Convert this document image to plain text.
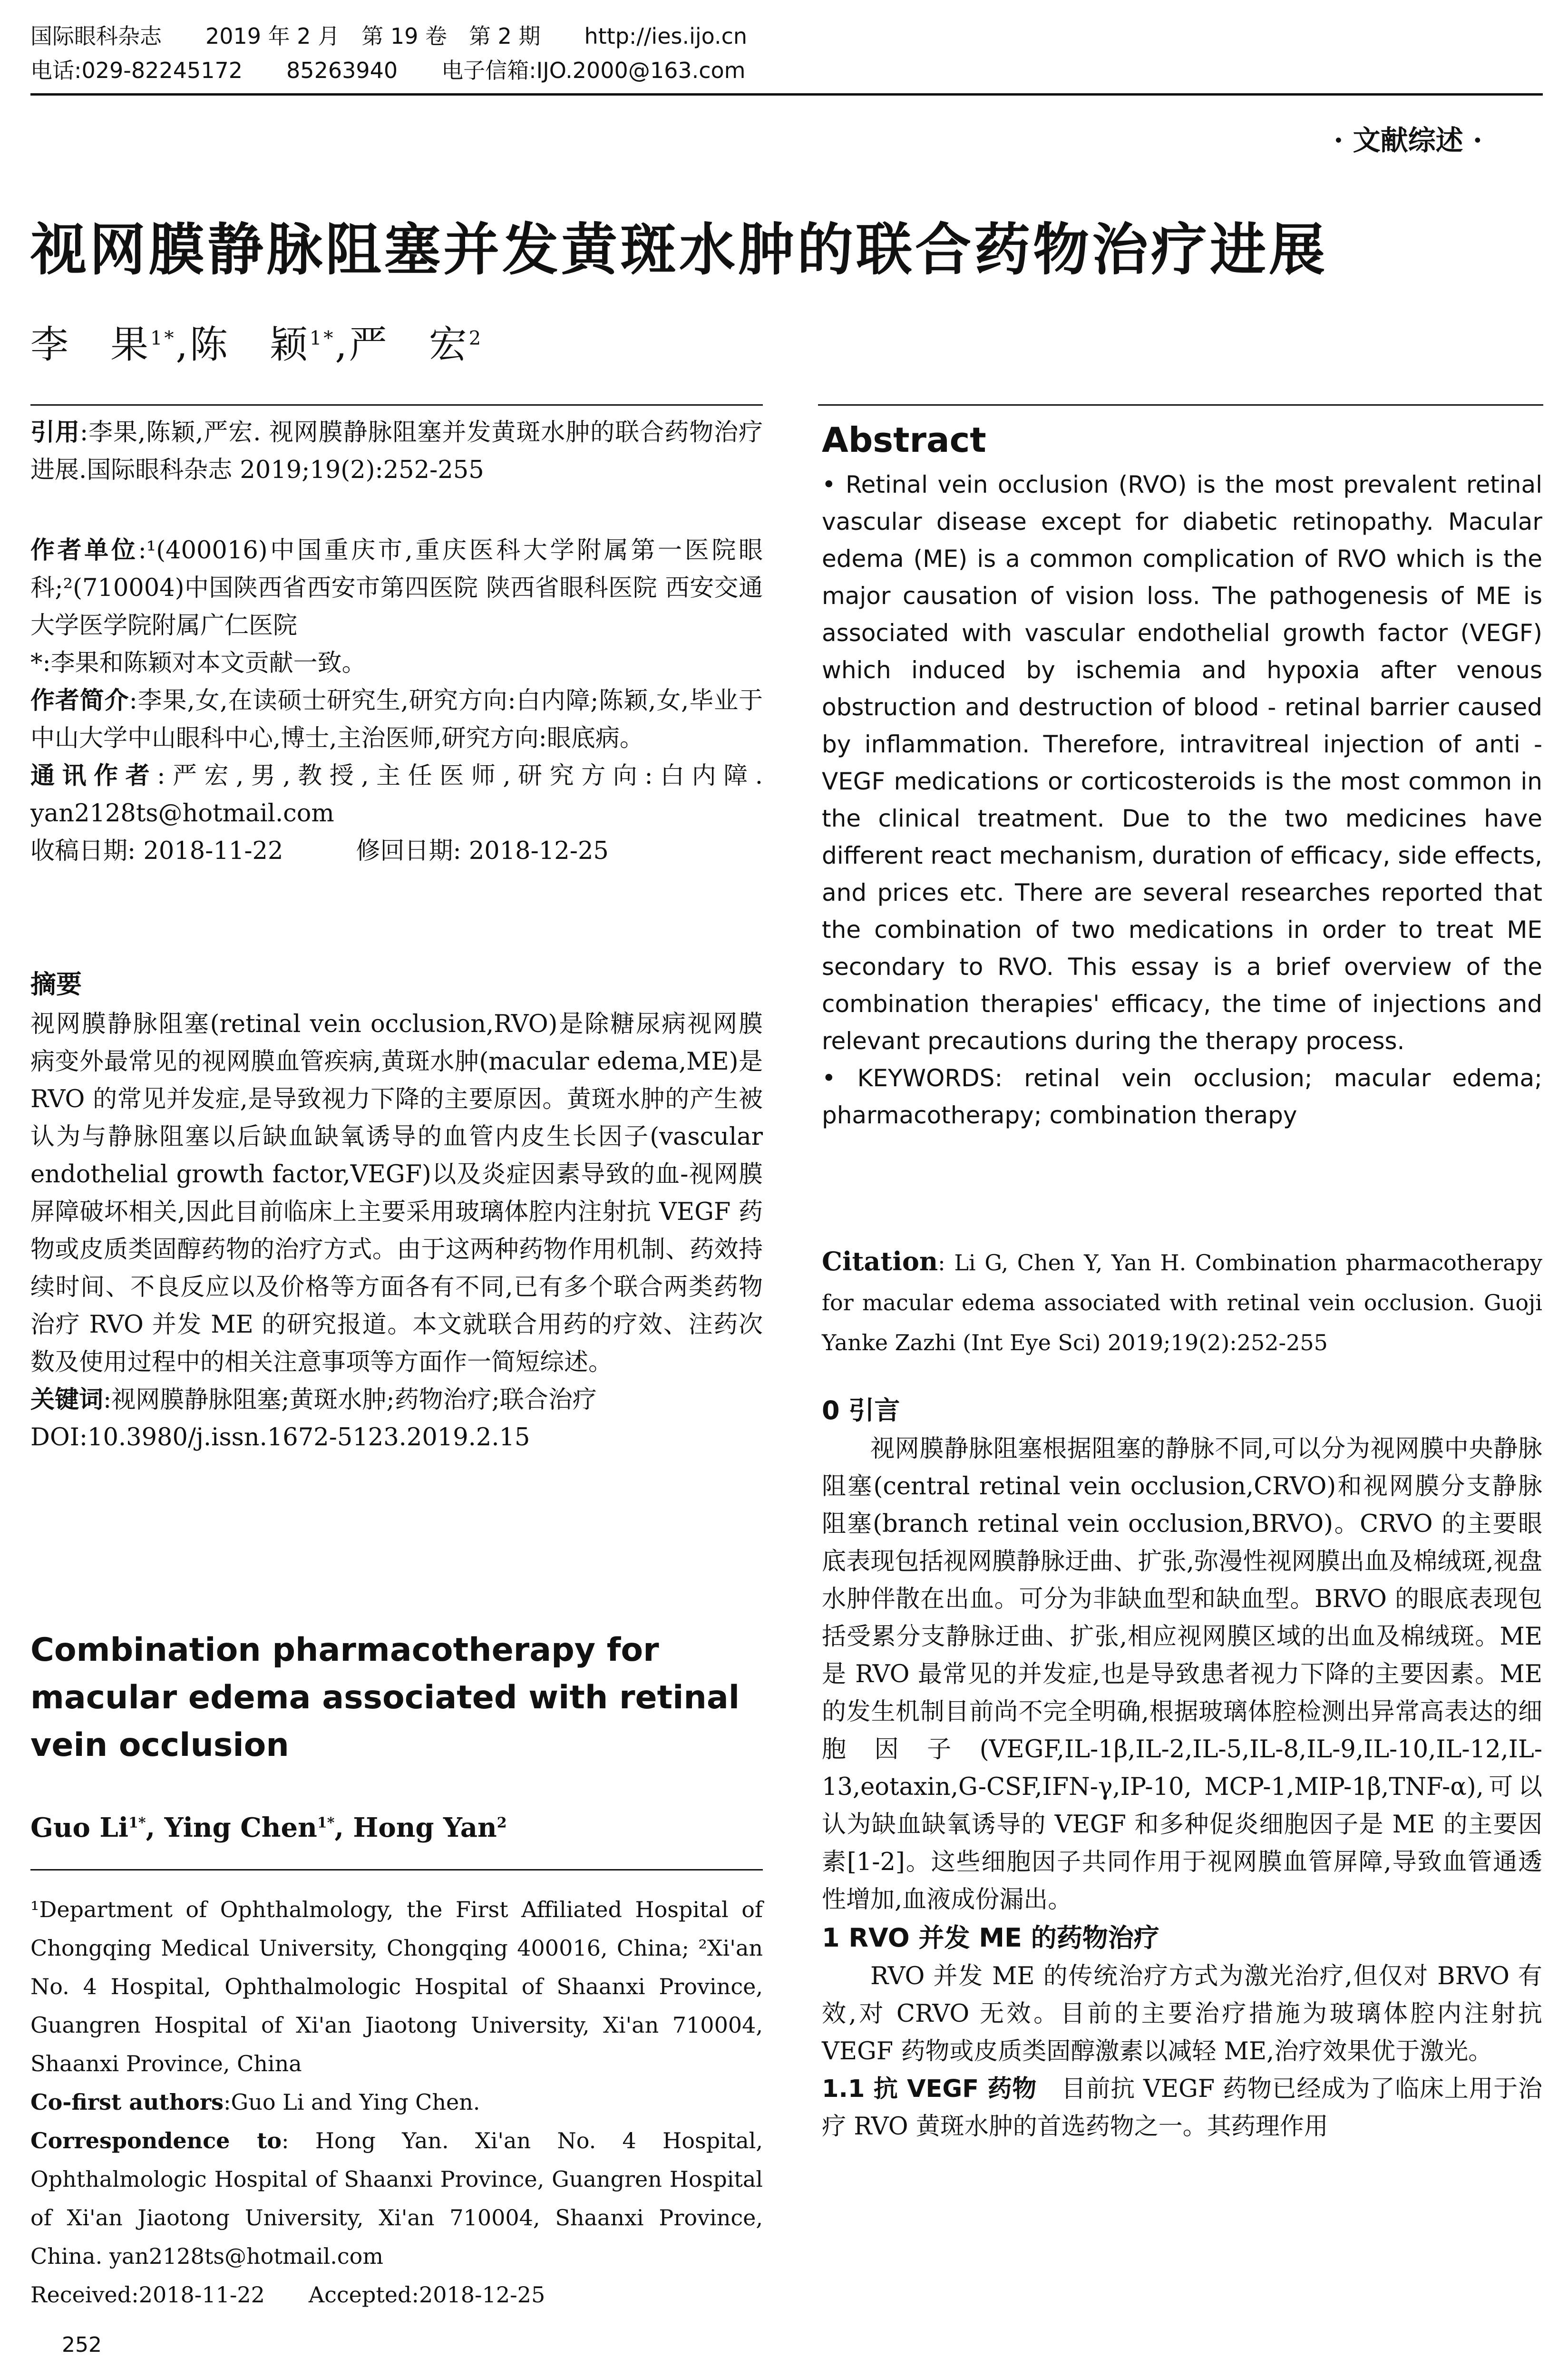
国际眼科杂志　　2019 年 2 月　第 19 卷　第 2 期　　http://ies.ijo.cn
电话:029-82245172　　85263940　　电子信箱:IJO.2000@163.com
· 文献综述 ·
视网膜静脉阻塞并发黄斑水肿的联合药物治疗进展
李　果$^{1*}$,陈　颖$^{1*}$,严　宏$^2$

引用:李果,陈颖,严宏. 视网膜静脉阻塞并发黄斑水肿的联合药物治疗进展.国际眼科杂志 2019;19(2):252-255

作者单位:¹(400016)中国重庆市,重庆医科大学附属第一医院眼科;²(710004)中国陕西省西安市第四医院 陕西省眼科医院 西安交通大学医学院附属广仁医院

*:李果和陈颖对本文贡献一致。

作者简介:李果,女,在读硕士研究生,研究方向:白内障;陈颖,女,毕业于中山大学中山眼科中心,博士,主治医师,研究方向:眼底病。

通讯作者:严宏,男,教授,主任医师,研究方向:白内障. yan2128ts@hotmail.com

收稿日期: 2018-11-22　　　修回日期: 2018-12-25

摘要

视网膜静脉阻塞(retinal vein occlusion,RVO)是除糖尿病视网膜病变外最常见的视网膜血管疾病,黄斑水肿(macular edema,ME)是 RVO 的常见并发症,是导致视力下降的主要原因。黄斑水肿的产生被认为与静脉阻塞以后缺血缺氧诱导的血管内皮生长因子(vascular endothelial growth factor,VEGF)以及炎症因素导致的血-视网膜屏障破坏相关,因此目前临床上主要采用玻璃体腔内注射抗 VEGF 药物或皮质类固醇药物的治疗方式。由于这两种药物作用机制、药效持续时间、不良反应以及价格等方面各有不同,已有多个联合两类药物治疗 RVO 并发 ME 的研究报道。本文就联合用药的疗效、注药次数及使用过程中的相关注意事项等方面作一简短综述。

关键词:视网膜静脉阻塞;黄斑水肿;药物治疗;联合治疗

DOI:10.3980/j.issn.1672-5123.2019.2.15

Combination pharmacotherapy for macular edema associated with retinal vein occlusion
Guo $Li^{1*}$, Ying Chen$^{1*}$, Hong Yan$^2$

¹Department of Ophthalmology, the First Affiliated Hospital of Chongqing Medical University, Chongqing 400016, China; ²Xi'an No. 4 Hospital, Ophthalmologic Hospital of Shaanxi Province, Guangren Hospital of Xi'an Jiaotong University, Xi'an 710004, Shaanxi Province, China

Co-first authors:Guo Li and Ying Chen.

Correspondence to: Hong Yan. Xi'an No. 4 Hospital, Ophthalmologic Hospital of Shaanxi Province, Guangren Hospital of Xi'an Jiaotong University, Xi'an 710004, Shaanxi Province, China. yan2128ts@hotmail.com

Received:2018-11-22　　Accepted:2018-12-25

Abstract

• Retinal vein occlusion (RVO) is the most prevalent retinal vascular disease except for diabetic retinopathy. Macular edema (ME) is a common complication of RVO which is the major causation of vision loss. The pathogenesis of ME is associated with vascular endothelial growth factor (VEGF) which induced by ischemia and hypoxia after venous obstruction and destruction of blood - retinal barrier caused by inflammation. Therefore, intravitreal injection of anti - VEGF medications or corticosteroids is the most common in the clinical treatment. Due to the two medicines have different react mechanism, duration of efficacy, side effects, and prices etc. There are several researches reported that the combination of two medications in order to treat ME secondary to RVO. This essay is a brief overview of the combination therapies' efficacy, the time of injections and relevant precautions during the therapy process.

• KEYWORDS: retinal vein occlusion; macular edema; pharmacotherapy; combination therapy

Citation: Li G, Chen Y, Yan H. Combination pharmacotherapy for macular edema associated with retinal vein occlusion. Guoji Yanke Zazhi (Int Eye Sci) 2019;19(2):252-255

0 引言

视网膜静脉阻塞根据阻塞的静脉不同,可以分为视网膜中央静脉阻塞(central retinal vein occlusion,CRVO)和视网膜分支静脉阻塞(branch retinal vein occlusion,BRVO)。CRVO 的主要眼底表现包括视网膜静脉迂曲、扩张,弥漫性视网膜出血及棉绒斑,视盘水肿伴散在出血。可分为非缺血型和缺血型。BRVO 的眼底表现包括受累分支静脉迂曲、扩张,相应视网膜区域的出血及棉绒斑。ME 是 RVO 最常见的并发症,也是导致患者视力下降的主要因素。ME 的发生机制目前尚不完全明确,根据玻璃体腔检测出异常高表达的细胞因子(VEGF,IL-1β,IL-2,IL-5,IL-8,IL-9,IL-10,IL-12,IL-13,eotaxin,G-CSF,IFN-γ,IP-10, MCP-1,MIP-1β,TNF-α),可以认为缺血缺氧诱导的 VEGF 和多种促炎细胞因子是 ME 的主要因素[1-2]。这些细胞因子共同作用于视网膜血管屏障,导致血管通透性增加,血液成份漏出。

1 RVO 并发 ME 的药物治疗

RVO 并发 ME 的传统治疗方式为激光治疗,但仅对 BRVO 有效,对 CRVO 无效。目前的主要治疗措施为玻璃体腔内注射抗 VEGF 药物或皮质类固醇激素以减轻 ME,治疗效果优于激光。

1.1 抗 VEGF 药物　目前抗 VEGF 药物已经成为了临床上用于治疗 RVO 黄斑水肿的首选药物之一。其药理作用

252
